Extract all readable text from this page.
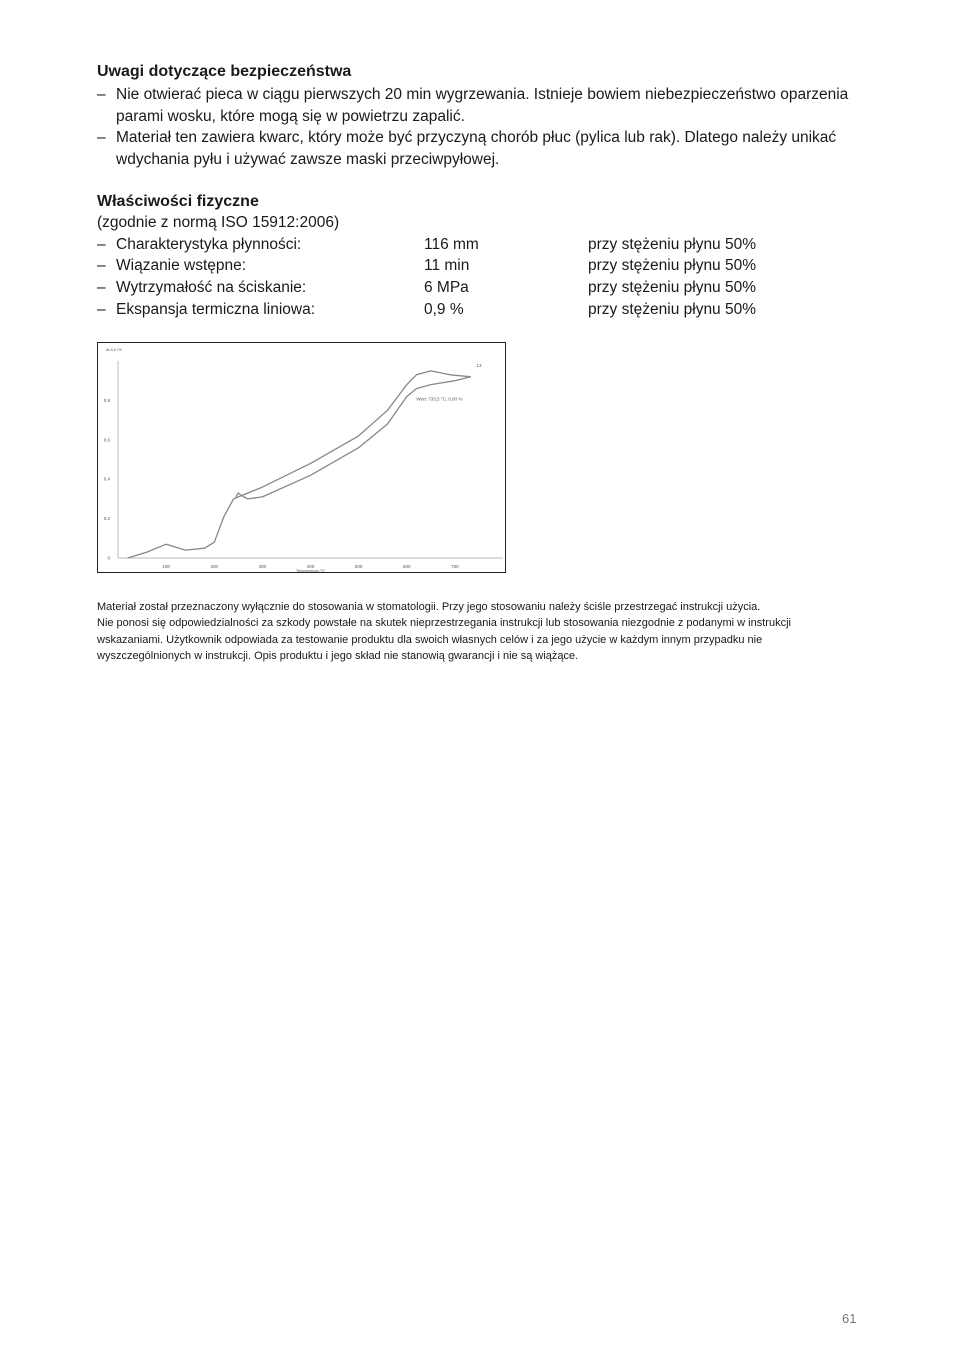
Uwagi dotyczące bezpieczeństwa
– Nie otwierać pieca w ciągu pierwszych 20 min wygrzewania. Istnieje bowiem niebezpieczeństwo oparzenia parami wosku, które mogą się w powietrzu zapalić.
– Materiał ten zawiera kwarc, który może być przyczyną chorób płuc (pylica lub rak). Dlatego należy unikać wdychania pyłu i używać zawsze maski przeciwpyłowej.
Właściwości fizyczne
(zgodnie z normą ISO 15912:2006)
– Charakterystyka płynności:	116 mm	przy stężeniu płynu 50%
– Wiązanie wstępne:	11 min	przy stężeniu płynu 50%
– Wytrzymałość na ściskanie:	6 MPa	przy stężeniu płynu 50%
– Ekspansja termiczna liniowa:	0,9 %	przy stężeniu płynu 50%
100	200	300	400	500	600	700
0
0.2
0.4
0.6
0.8
dL/L0 /%
Temperatura /°C
Wert: 733,5 °C, 0,93 %
13

Materiał został przeznaczony wyłącznie do stosowania w stomatologii. Przy jego stosowaniu należy ściśle przestrzegać instrukcji użycia.

Nie ponosi się odpowiedzialności za szkody powstałe na skutek nieprzestrzegania instrukcji lub stosowania niezgodnie z podanymi w instrukcji wskazaniami. Użytkownik odpowiada za testowanie produktu dla swoich własnych celów i za jego użycie w każdym innym przypadku nie wyszczególnionych w instrukcji. Opis produktu i jego skład nie stanowią gwarancji i nie są wiążące.

61
